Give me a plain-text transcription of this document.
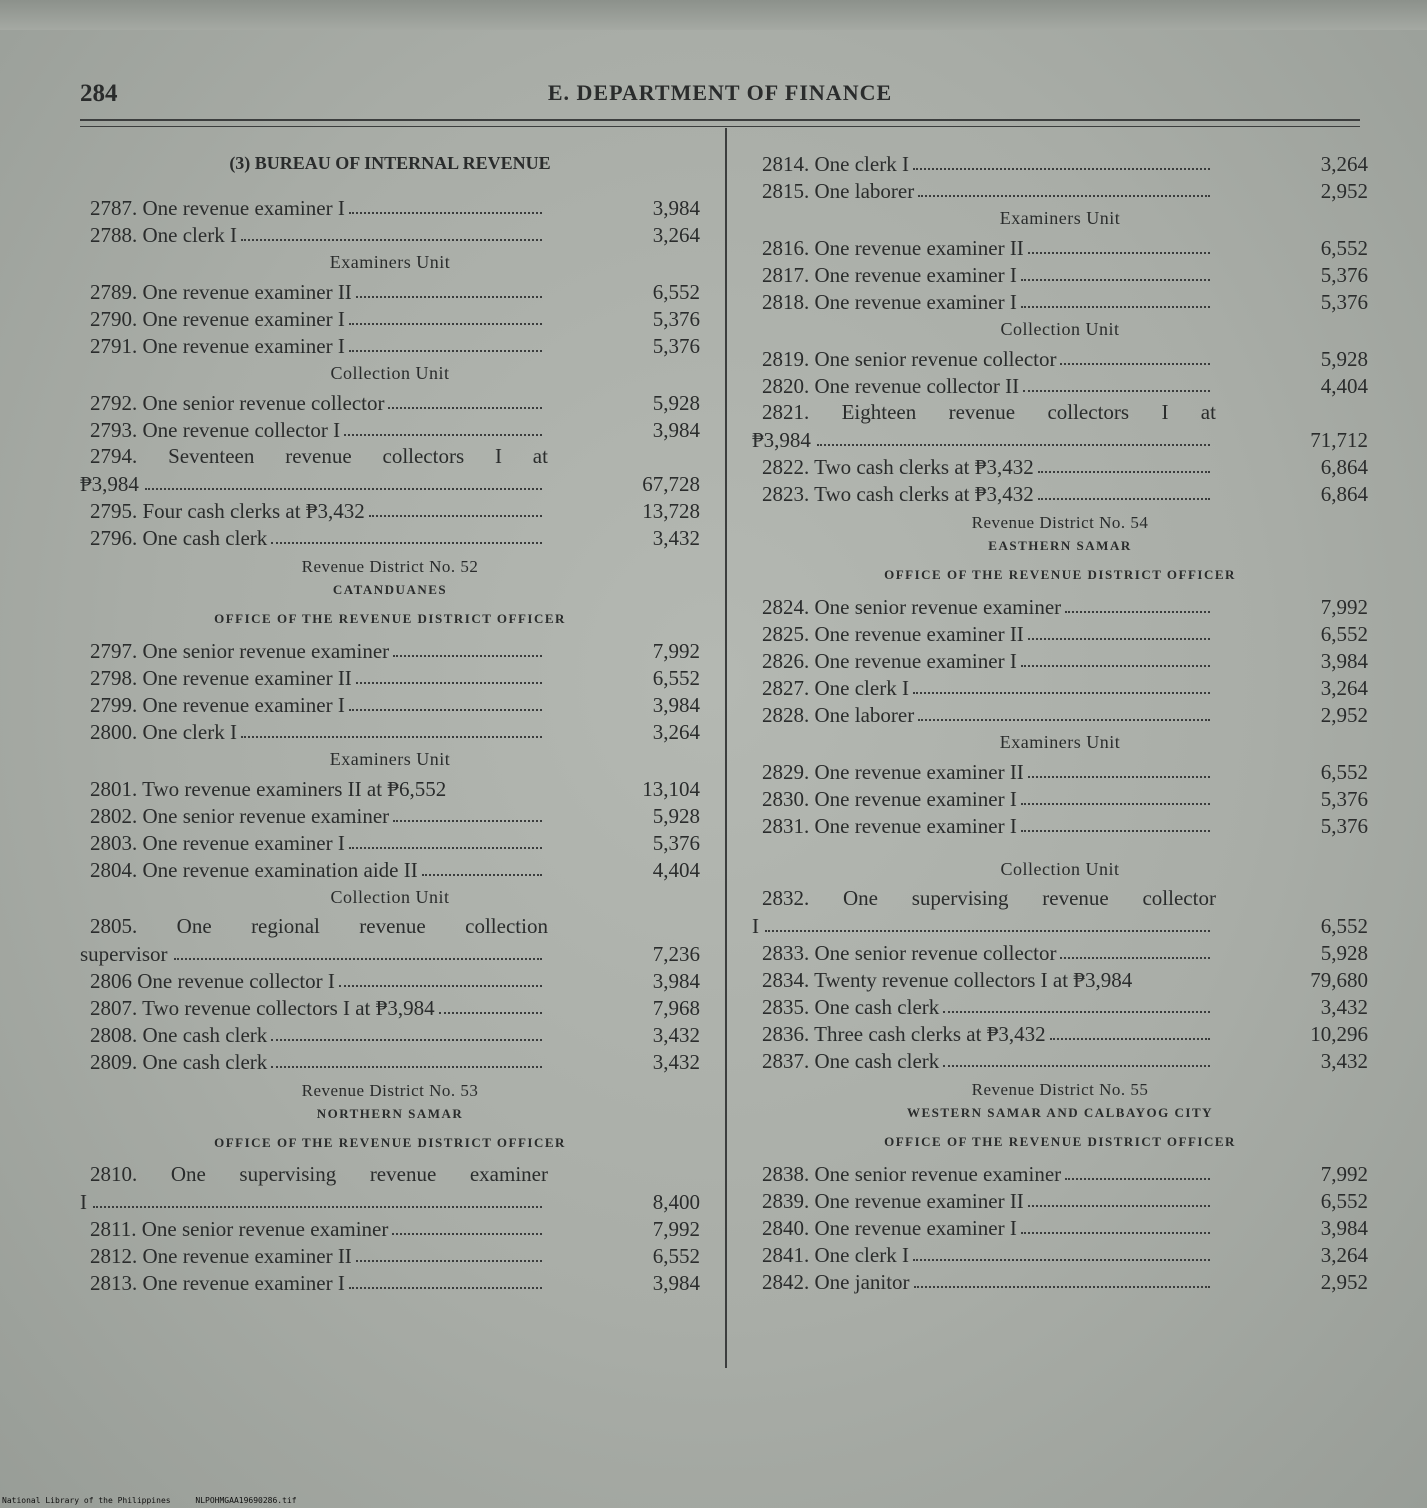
284	E. DEPARTMENT OF FINANCE
(3) BUREAU OF INTERNAL REVENUE
2787. One revenue examiner I	3,984
2788. One clerk I	3,264
Examiners Unit
2789. One revenue examiner II	6,552
2790. One revenue examiner I	5,376
2791. One revenue examiner I	5,376
Collection Unit
2792. One senior revenue collector	5,928
2793. One revenue collector I	3,984
2794. Seventeen revenue collectors I at
₱3,984	67,728
2795. Four cash clerks at ₱3,432	13,728
2796. One cash clerk	3,432
Revenue District No. 52
CATANDUANES
OFFICE OF THE REVENUE DISTRICT OFFICER
2797. One senior revenue examiner	7,992
2798. One revenue examiner II	6,552
2799. One revenue examiner I	3,984
2800. One clerk I	3,264
Examiners Unit
2801. Two revenue examiners II at ₱6,552	13,104
2802. One senior revenue examiner	5,928
2803. One revenue examiner I	5,376
2804. One revenue examination aide II	4,404
Collection Unit
2805. One regional revenue collection
supervisor	7,236
2806 One revenue collector I	3,984
2807. Two revenue collectors I at ₱3,984	7,968
2808. One cash clerk	3,432
2809. One cash clerk	3,432
Revenue District No. 53
NORTHERN SAMAR
OFFICE OF THE REVENUE DISTRICT OFFICER
2810. One supervising revenue examiner
I	8,400
2811. One senior revenue examiner	7,992
2812. One revenue examiner II	6,552
2813. One revenue examiner I	3,984
2814. One clerk I	3,264
2815. One laborer	2,952
Examiners Unit
2816. One revenue examiner II	6,552
2817. One revenue examiner I	5,376
2818. One revenue examiner I	5,376
Collection Unit
2819. One senior revenue collector	5,928
2820. One revenue collector II	4,404
2821. Eighteen revenue collectors I at
₱3,984	71,712
2822. Two cash clerks at ₱3,432	6,864
2823. Two cash clerks at ₱3,432	6,864
Revenue District No. 54
EASTHERN SAMAR
OFFICE OF THE REVENUE DISTRICT OFFICER
2824. One senior revenue examiner	7,992
2825. One revenue examiner II	6,552
2826. One revenue examiner I	3,984
2827. One clerk I	3,264
2828. One laborer	2,952
Examiners Unit
2829. One revenue examiner II	6,552
2830. One revenue examiner I	5,376
2831. One revenue examiner I	5,376
Collection Unit
2832. One supervising revenue collector
I	6,552
2833. One senior revenue collector	5,928
2834. Twenty revenue collectors I at ₱3,984	79,680
2835. One cash clerk	3,432
2836. Three cash clerks at ₱3,432	10,296
2837. One cash clerk	3,432
Revenue District No. 55
WESTERN SAMAR AND CALBAYOG CITY
OFFICE OF THE REVENUE DISTRICT OFFICER
2838. One senior revenue examiner	7,992
2839. One revenue examiner II	6,552
2840. One revenue examiner I	3,984
2841. One clerk I	3,264
2842. One janitor	2,952
National Library of the Philippines	NLPOHMGAA19690286.tif
